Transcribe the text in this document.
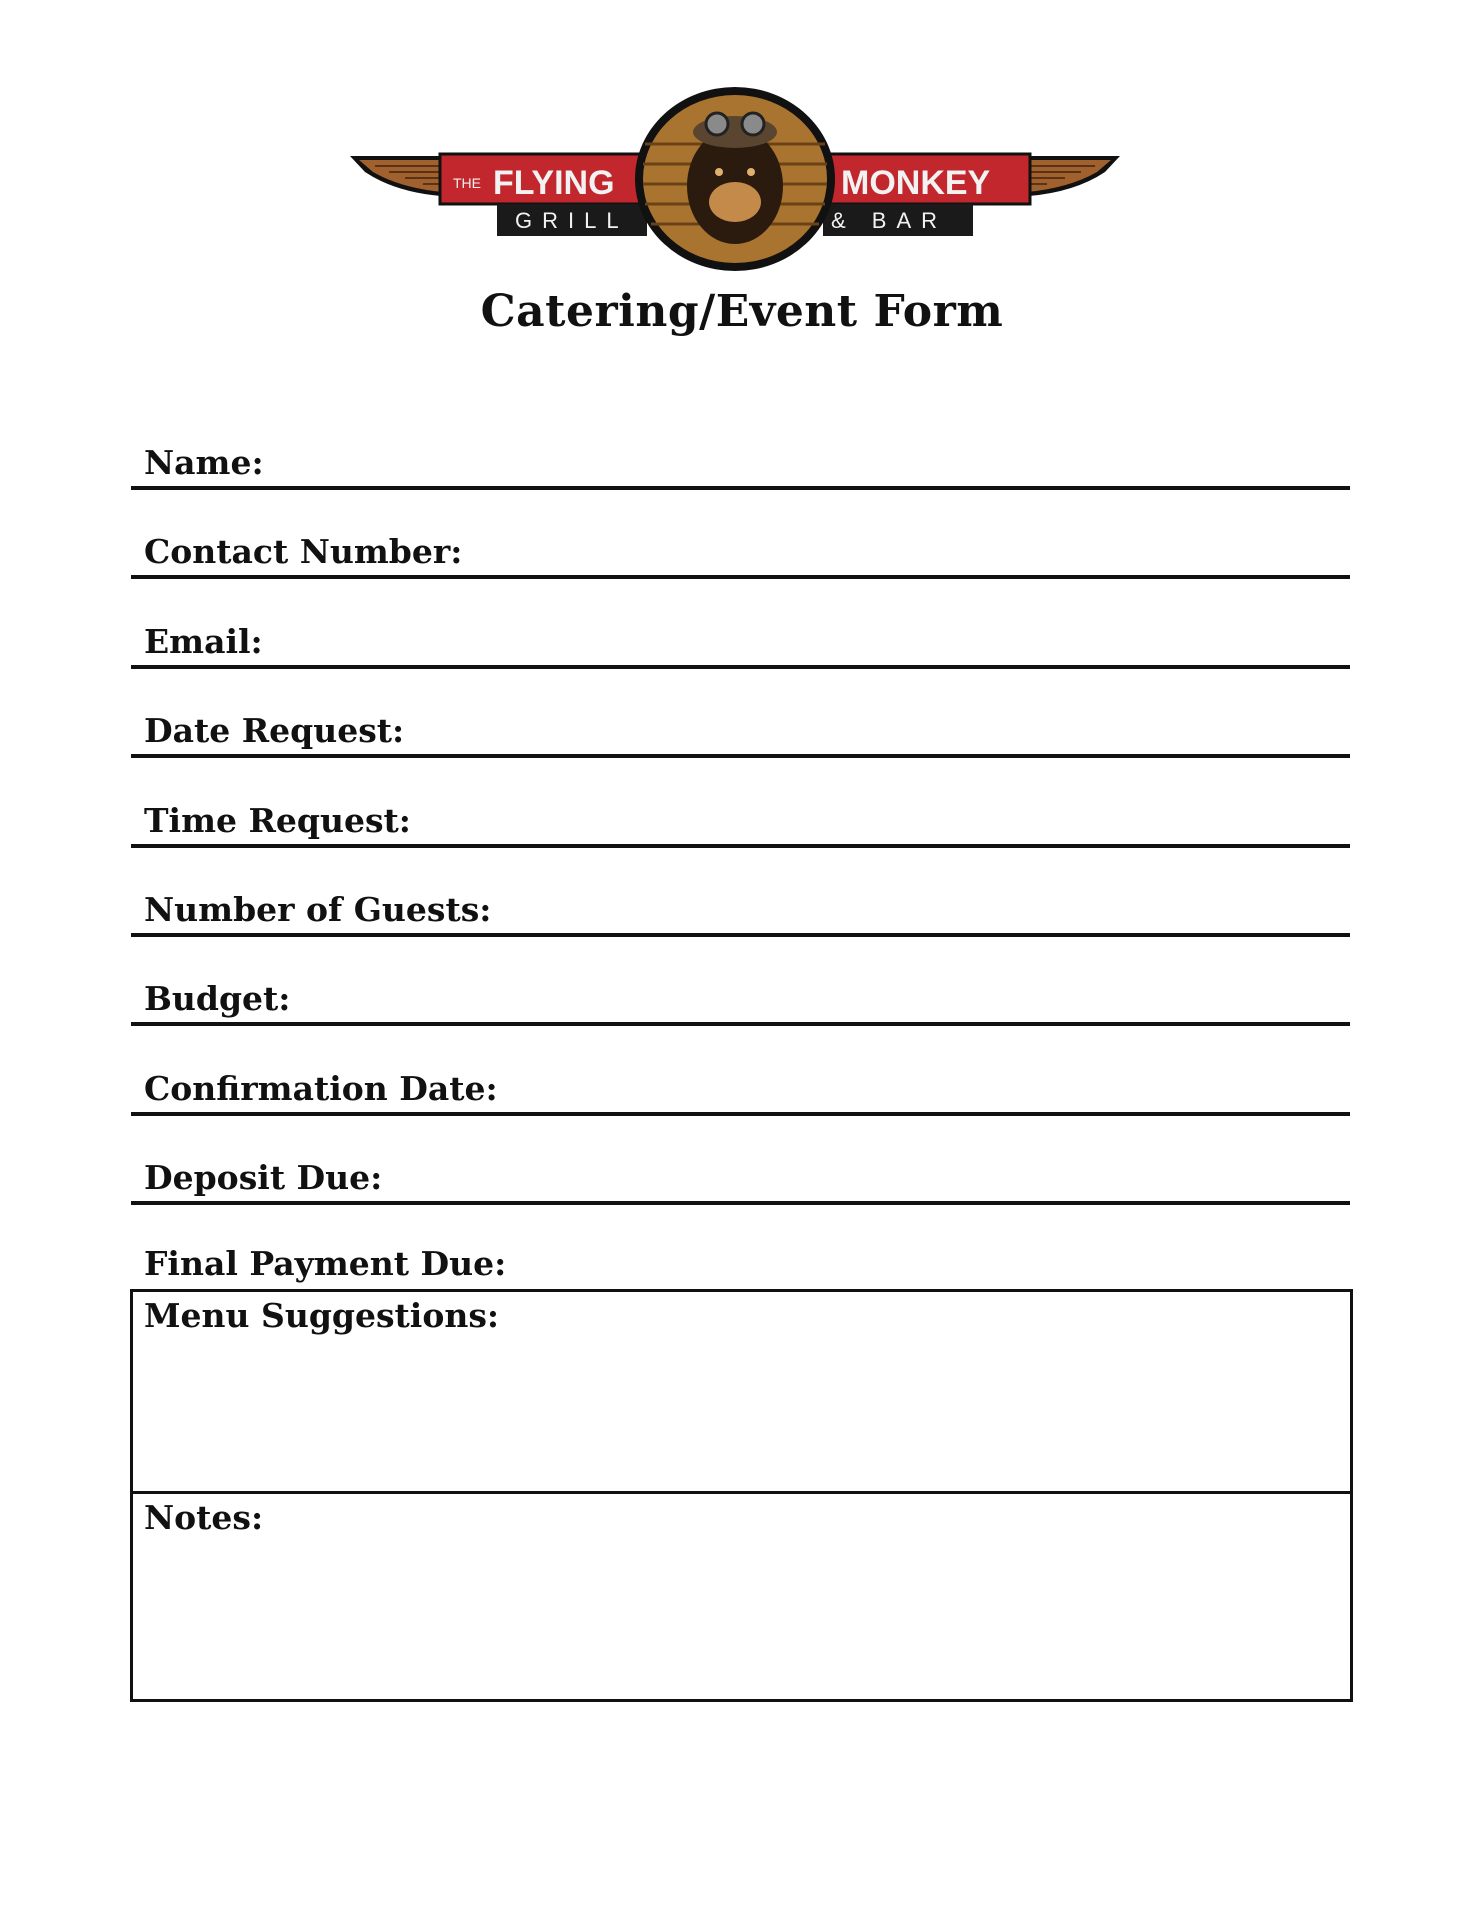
THE FLYING	MONKEY
GRILL	& BAR
Catering/Event Form
Name:
Contact Number:
Email:
Date Request:
Time Request:
Number of Guests:
Budget:
Confirmation Date:
Deposit Due:
Final Payment Due:
Menu Suggestions:
Notes:
